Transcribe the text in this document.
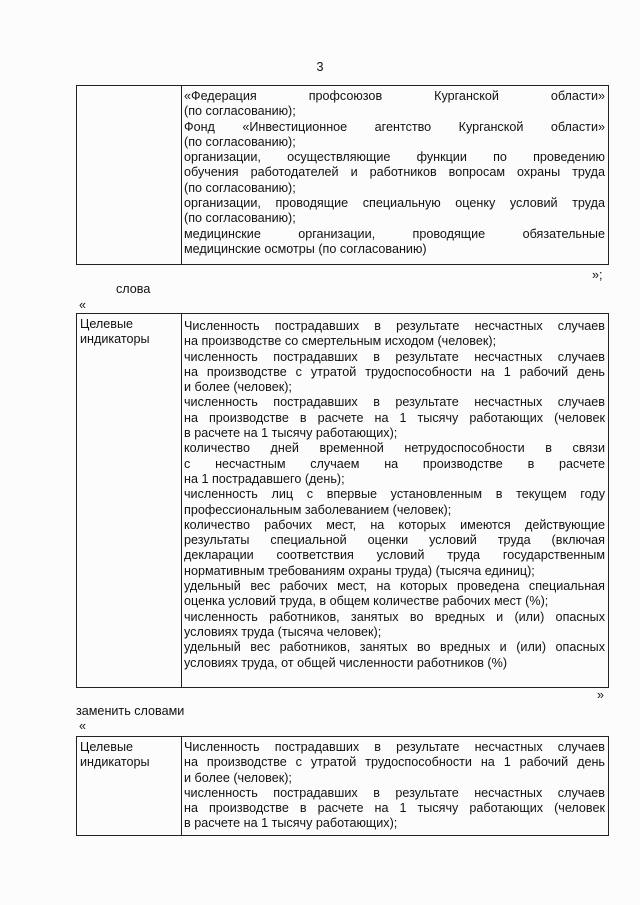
3
«Федерация профсоюзов Курганской области»
(по согласованию);
Фонд «Инвестиционное агентство Курганской области»
(по согласованию);
организации, осуществляющие функции по проведению
обучения работодателей и работников вопросам охраны труда
(по согласованию);
организации, проводящие специальную оценку условий труда
(по согласованию);
медицинские организации, проводящие обязательные
медицинские осмотры (по согласованию)
»;
слова
«
Целевые
индикаторы
Численность пострадавших в результате несчастных случаев
на производстве со смертельным исходом (человек);
численность пострадавших в результате несчастных случаев
на производстве с утратой трудоспособности на 1 рабочий день
и более (человек);
численность пострадавших в результате несчастных случаев
на производстве в расчете на 1 тысячу работающих (человек
в расчете на 1 тысячу работающих);
количество дней временной нетрудоспособности в связи
с несчастным случаем на производстве в расчете
на 1 пострадавшего (день);
численность лиц с впервые установленным в текущем году
профессиональным заболеванием (человек);
количество рабочих мест, на которых имеются действующие
результаты специальной оценки условий труда (включая
декларации соответствия условий труда государственным
нормативным требованиям охраны труда) (тысяча единиц);
удельный вес рабочих мест, на которых проведена специальная
оценка условий труда, в общем количестве рабочих мест (%);
численность работников, занятых во вредных и (или) опасных
условиях труда (тысяча человек);
удельный вес работников, занятых во вредных и (или) опасных
условиях труда, от общей численности работников (%)
»
заменить словами
«
Целевые
индикаторы
Численность пострадавших в результате несчастных случаев
на производстве с утратой трудоспособности на 1 рабочий день
и более (человек);
численность пострадавших в результате несчастных случаев
на производстве в расчете на 1 тысячу работающих (человек
в расчете на 1 тысячу работающих);
